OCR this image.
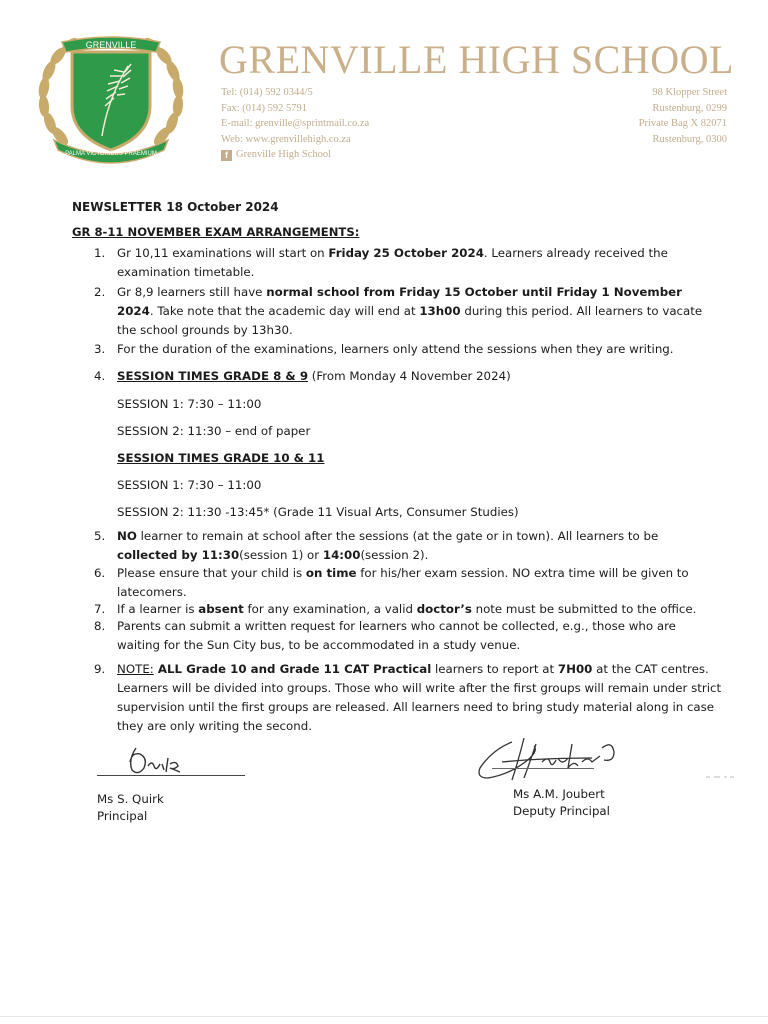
GRENVILLE
PALMA VICTORIBUS PRAEMIUM
GRENVILLE HIGH SCHOOL
Tel: (014) 592 0344/5
Fax: (014) 592 5791
E-mail: grenville@sprintmail.co.za
Web: www.grenvillehigh.co.za
f Grenville High School
98 Klopper Street
Rustenburg, 0299
Private Bag X 82071
Rustenburg, 0300
NEWSLETTER 18 October 2024
GR 8-11 NOVEMBER EXAM ARRANGEMENTS:
1. Gr 10,11 examinations will start on Friday 25 October 2024. Learners already received the examination timetable.
2. Gr 8,9 learners still have normal school from Friday 15 October until Friday 1 November 2024. Take note that the academic day will end at 13h00 during this period. All learners to vacate the school grounds by 13h30.
3. For the duration of the examinations, learners only attend the sessions when they are writing.
4. SESSION TIMES GRADE 8 & 9 (From Monday 4 November 2024)
SESSION 1: 7:30 – 11:00
SESSION 2: 11:30 – end of paper
SESSION TIMES GRADE 10 & 11
SESSION 1: 7:30 – 11:00
SESSION 2: 11:30 -13:45* (Grade 11 Visual Arts, Consumer Studies)
5. NO learner to remain at school after the sessions (at the gate or in town). All learners to be collected by 11:30(session 1) or 14:00(session 2).
6. Please ensure that your child is on time for his/her exam session. NO extra time will be given to latecomers.
7. If a learner is absent for any examination, a valid doctor’s note must be submitted to the office.
8. Parents can submit a written request for learners who cannot be collected, e.g., those who are waiting for the Sun City bus, to be accommodated in a study venue.
9. NOTE: ALL Grade 10 and Grade 11 CAT Practical learners to report at 7H00 at the CAT centres. Learners will be divided into groups. Those who will write after the first groups will remain under strict supervision until the first groups are released. All learners need to bring study material along in case they are only writing the second.
Ms S. Quirk
Principal
Ms A.M. Joubert
Deputy Principal
